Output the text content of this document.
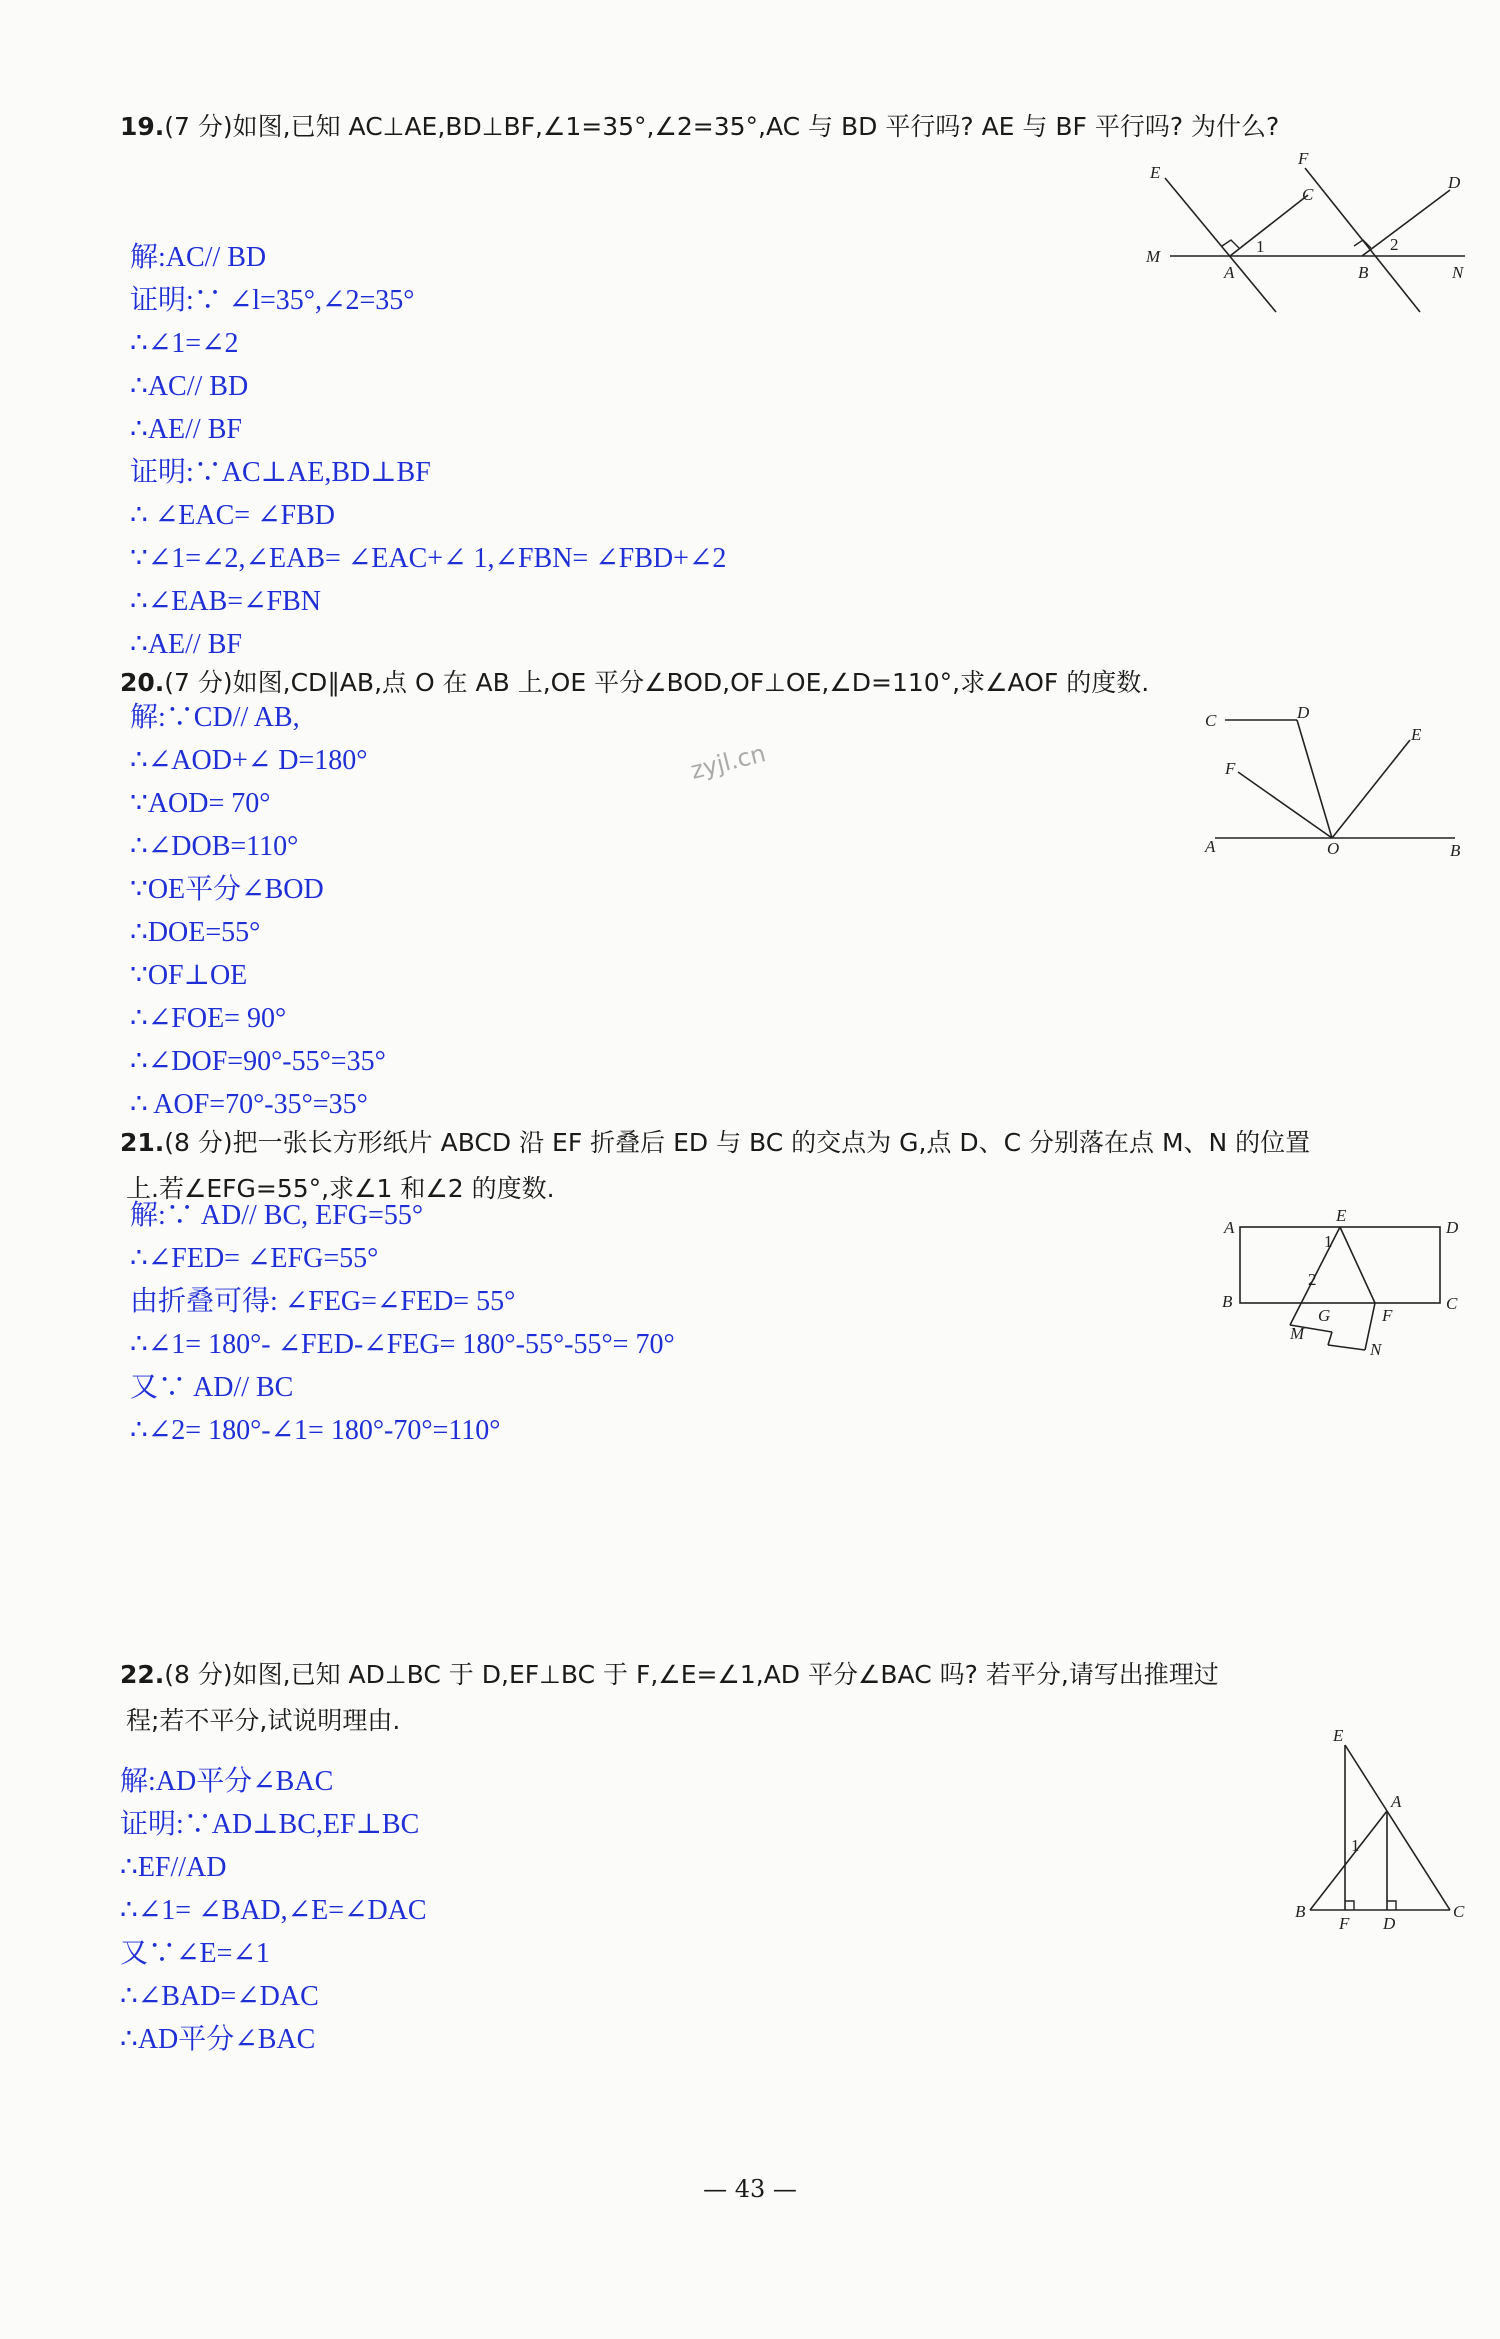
19.(7 分)如图,已知 AC⊥AE,BD⊥BF,∠1=35°,∠2=35°,AC 与 BD 平行吗? AE 与 BF 平行吗? 为什么?
E
F
C
D
M
A	B	N
1	2
解:AC// BD
证明:∵ ∠l=35°,∠2=35°
∴∠1=∠2
∴AC// BD
∴AE// BF
证明:∵AC⊥AE,BD⊥BF
∴ ∠EAC= ∠FBD
∵∠1=∠2,∠EAB= ∠EAC+∠ 1,∠FBN= ∠FBD+∠2
∴∠EAB=∠FBN
∴AE// BF
20.(7 分)如图,CD∥AB,点 O 在 AB 上,OE 平分∠BOD,OF⊥OE,∠D=110°,求∠AOF 的度数.
C	D
E
F
A	O	B
zyjl.cn
解:∵CD// AB,
∴∠AOD+∠ D=180°
∵AOD= 70°
∴∠DOB=110°
∵OE平分∠BOD
∴DOE=55°
∵OF⊥OE
∴∠FOE= 90°
∴∠DOF=90°-55°=35°
∴ AOF=70°-35°=35°
21.(8 分)把一张长方形纸片 ABCD 沿 EF 折叠后 ED 与 BC 的交点为 G,点 D、C 分别落在点 M、N 的位置
上.若∠EFG=55°,求∠1 和∠2 的度数.
A
E
D
1
2
B	C
M
G	F
N
解:∵ AD// BC, EFG=55°
∴∠FED= ∠EFG=55°
由折叠可得: ∠FEG=∠FED= 55°
∴∠1= 180°- ∠FED-∠FEG= 180°-55°-55°= 70°
又∵ AD// BC
∴∠2= 180°-∠1= 180°-70°=110°
22.(8 分)如图,已知 AD⊥BC 于 D,EF⊥BC 于 F,∠E=∠1,AD 平分∠BAC 吗? 若平分,请写出推理过
程;若不平分,试说明理由.
E
A
1
B
F D
C
解:AD平分∠BAC
证明:∵AD⊥BC,EF⊥BC
∴EF//AD
∴∠1= ∠BAD,∠E=∠DAC
又∵∠E=∠1
∴∠BAD=∠DAC
∴AD平分∠BAC
— 43 —
